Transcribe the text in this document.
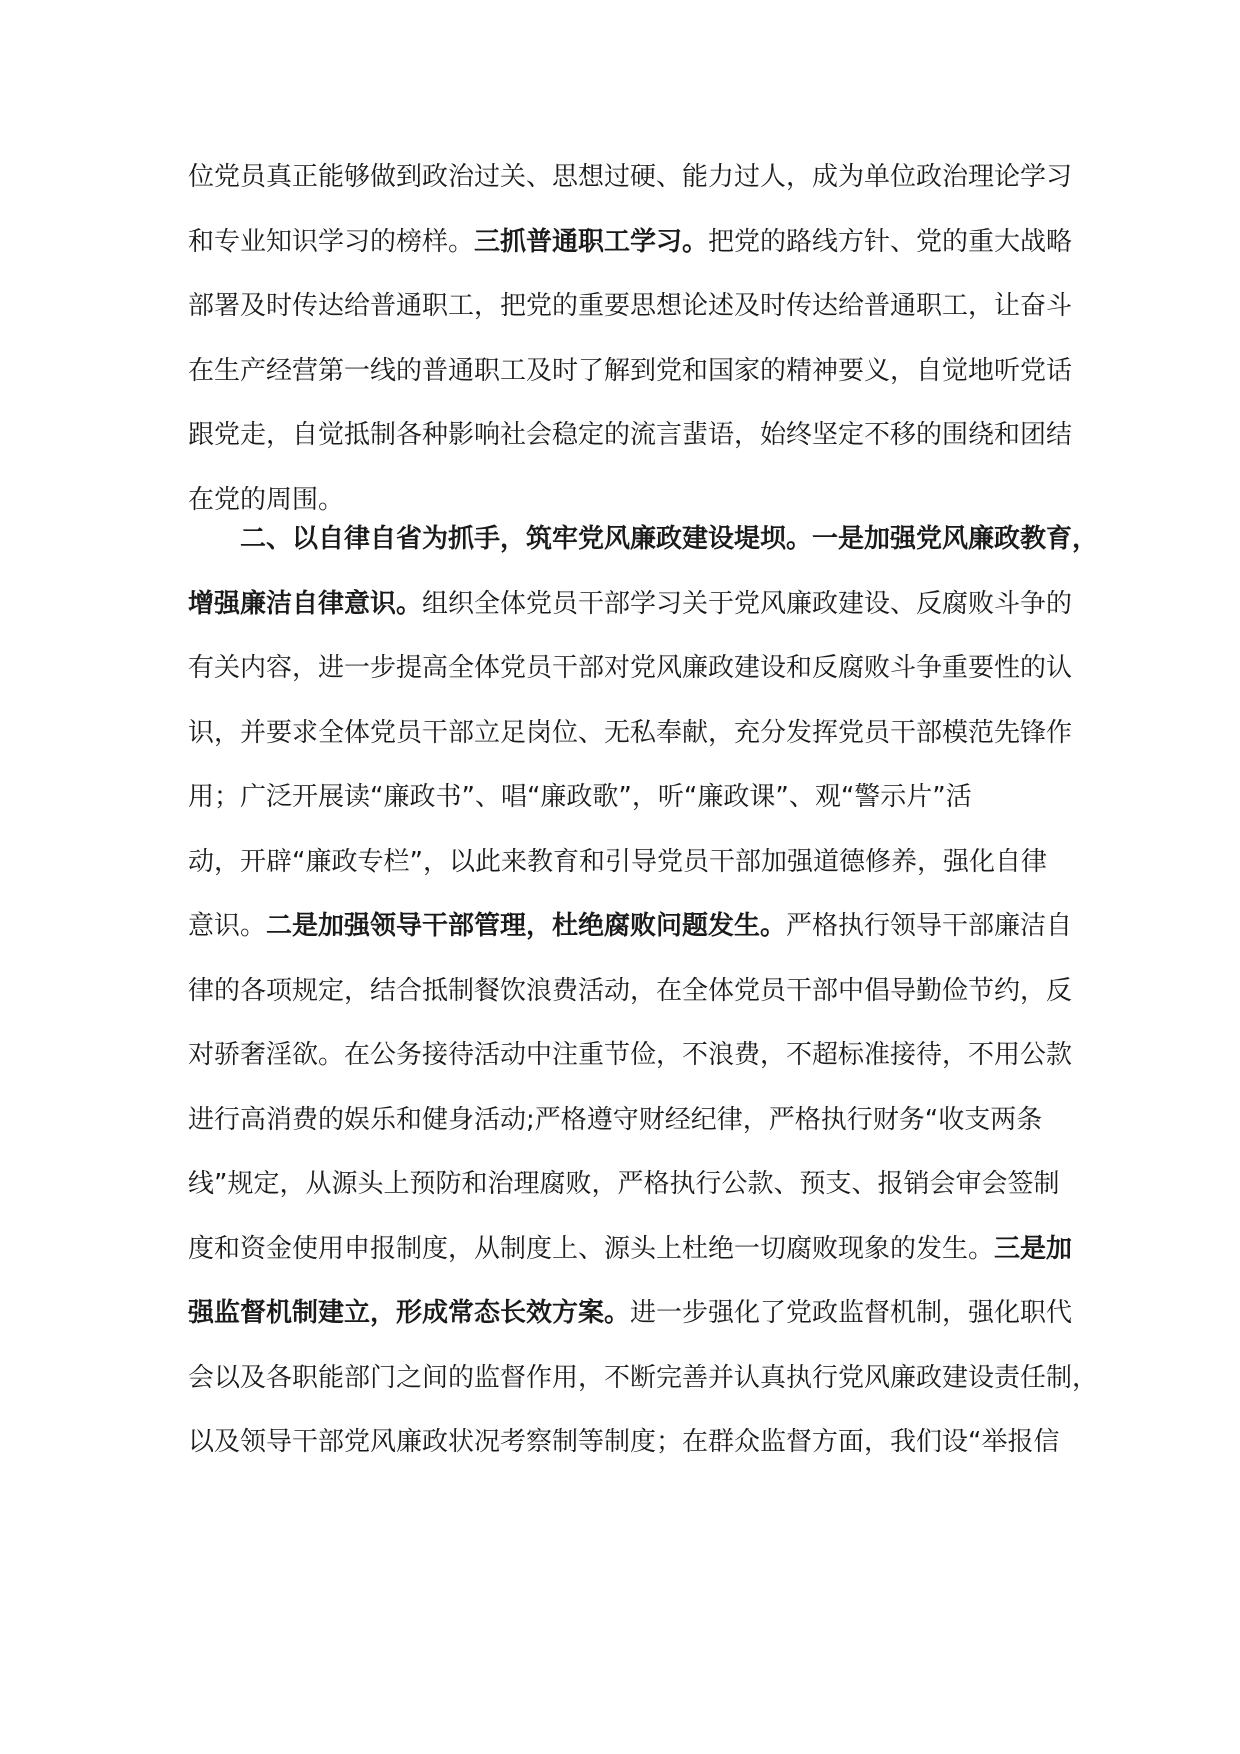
位党员真正能够做到政治过关、思想过硬、能力过人，成为单位政治理论学习
和专业知识学习的榜样。三抓普通职工学习。把党的路线方针、党的重大战略
部署及时传达给普通职工，把党的重要思想论述及时传达给普通职工，让奋斗
在生产经营第一线的普通职工及时了解到党和国家的精神要义，自觉地听党话
跟党走，自觉抵制各种影响社会稳定的流言蜚语，始终坚定不移的围绕和团结
在党的周围。
二、以自律自省为抓手，筑牢党风廉政建设堤坝。一是加强党风廉政教育，
增强廉洁自律意识。组织全体党员干部学习关于党风廉政建设、反腐败斗争的
有关内容，进一步提高全体党员干部对党风廉政建设和反腐败斗争重要性的认
识，并要求全体党员干部立足岗位、无私奉献，充分发挥党员干部模范先锋作
用；广泛开展读“廉政书”、唱“廉政歌”，听“廉政课”、观“警示片”活
动，开辟“廉政专栏”，以此来教育和引导党员干部加强道德修养，强化自律
意识。二是加强领导干部管理，杜绝腐败问题发生。严格执行领导干部廉洁自
律的各项规定，结合抵制餐饮浪费活动，在全体党员干部中倡导勤俭节约，反
对骄奢淫欲。在公务接待活动中注重节俭，不浪费，不超标准接待，不用公款
进行高消费的娱乐和健身活动;严格遵守财经纪律，严格执行财务“收支两条
线”规定，从源头上预防和治理腐败，严格执行公款、预支、报销会审会签制
度和资金使用申报制度，从制度上、源头上杜绝一切腐败现象的发生。三是加
强监督机制建立，形成常态长效方案。进一步强化了党政监督机制，强化职代
会以及各职能部门之间的监督作用，不断完善并认真执行党风廉政建设责任制，
以及领导干部党风廉政状况考察制等制度；在群众监督方面，我们设“举报信
